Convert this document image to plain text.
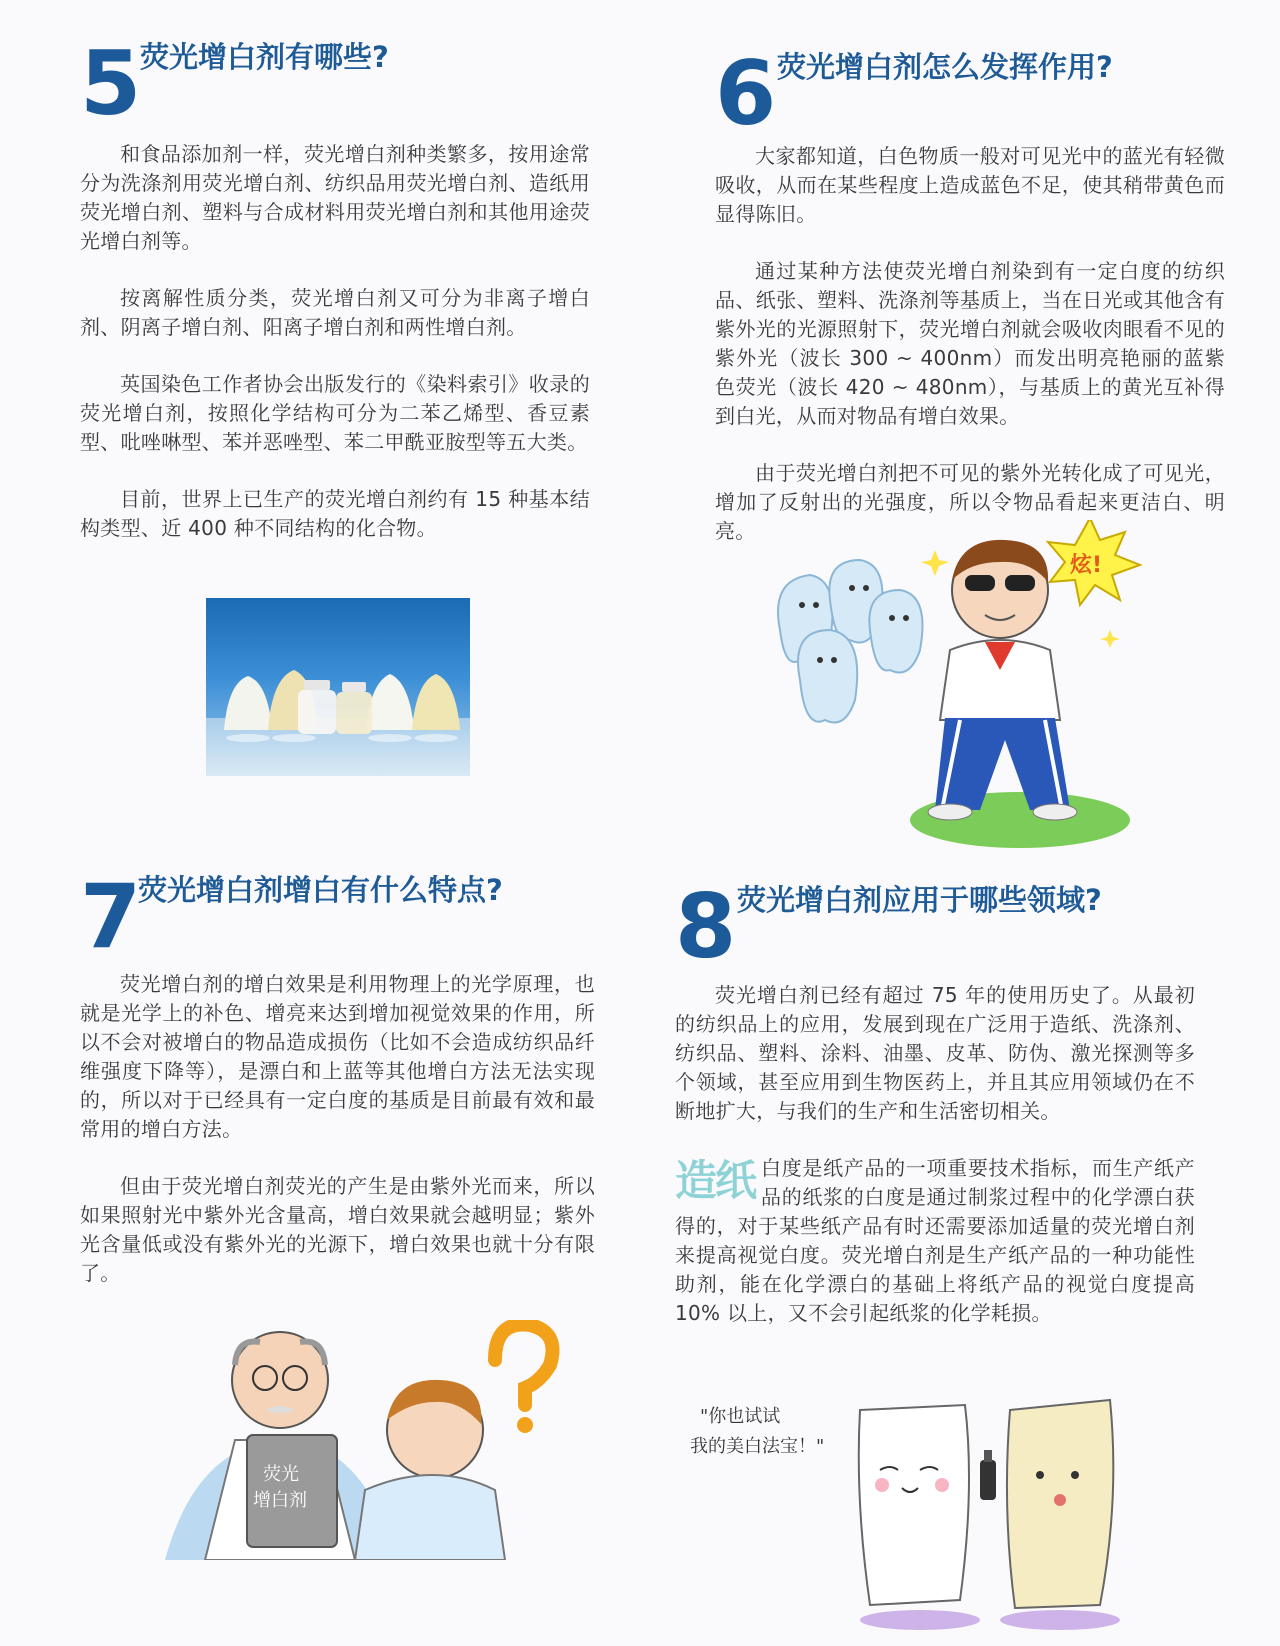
5
荧光增白剂有哪些?

和食品添加剂一样，荧光增白剂种类繁多，按用途常分为洗涤剂用荧光增白剂、纺织品用荧光增白剂、造纸用荧光增白剂、塑料与合成材料用荧光增白剂和其他用途荧光增白剂等。

按离解性质分类，荧光增白剂又可分为非离子增白剂、阴离子增白剂、阳离子增白剂和两性增白剂。

英国染色工作者协会出版发行的《染料索引》收录的荧光增白剂，按照化学结构可分为二苯乙烯型、香豆素型、吡唑啉型、苯并恶唑型、苯二甲酰亚胺型等五大类。

目前，世界上已生产的荧光增白剂约有 15 种基本结构类型、近 400 种不同结构的化合物。

6 荧光增白剂怎么发挥作用?

大家都知道，白色物质一般对可见光中的蓝光有轻微吸收，从而在某些程度上造成蓝色不足，使其稍带黄色而显得陈旧。

通过某种方法使荧光增白剂染到有一定白度的纺织品、纸张、塑料、洗涤剂等基质上，当在日光或其他含有紫外光的光源照射下，荧光增白剂就会吸收肉眼看不见的紫外光（波长 300 ~ 400nm）而发出明亮艳丽的蓝紫色荧光（波长 420 ~ 480nm），与基质上的黄光互补得到白光，从而对物品有增白效果。

由于荧光增白剂把不可见的紫外光转化成了可见光，增加了反射出的光强度，所以令物品看起来更洁白、明亮。

炫!
7
荧光增白剂增白有什么特点?

荧光增白剂的增白效果是利用物理上的光学原理，也就是光学上的补色、增亮来达到增加视觉效果的作用，所以不会对被增白的物品造成损伤（比如不会造成纺织品纤维强度下降等），是漂白和上蓝等其他增白方法无法实现的，所以对于已经具有一定白度的基质是目前最有效和最常用的增白方法。

但由于荧光增白剂荧光的产生是由紫外光而来，所以如果照射光中紫外光含量高，增白效果就会越明显；紫外光含量低或没有紫外光的光源下，增白效果也就十分有限了。

荧光
增白剂
8 荧光增白剂应用于哪些领域?

荧光增白剂已经有超过 75 年的使用历史了。从最初的纺织品上的应用，发展到现在广泛用于造纸、洗涤剂、纺织品、塑料、涂料、油墨、皮革、防伪、激光探测等多个领域，甚至应用到生物医药上，并且其应用领域仍在不断地扩大，与我们的生产和生活密切相关。

造纸 白度是纸产品的一项重要技术指标，而生产纸产品的纸浆的白度是通过制浆过程中的化学漂白获得的，对于某些纸产品有时还需要添加适量的荧光增白剂来提高视觉白度。荧光增白剂是生产纸产品的一种功能性助剂，能在化学漂白的基础上将纸产品的视觉白度提高 10% 以上，又不会引起纸浆的化学耗损。

"你也试试
我的美白法宝！"
